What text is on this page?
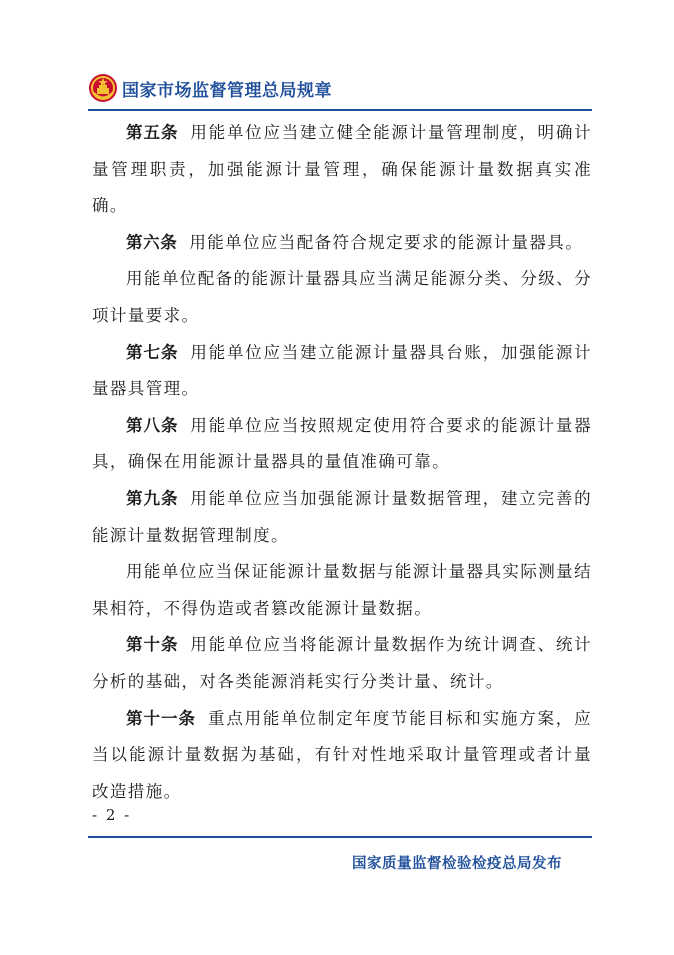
国家市场监督管理总局规章

第五条 用能单位应当建立健全能源计量管理制度，明确计量管理职责，加强能源计量管理，确保能源计量数据真实准确。

第六条 用能单位应当配备符合规定要求的能源计量器具。

用能单位配备的能源计量器具应当满足能源分类、分级、分项计量要求。

第七条 用能单位应当建立能源计量器具台账，加强能源计量器具管理。

第八条 用能单位应当按照规定使用符合要求的能源计量器具，确保在用能源计量器具的量值准确可靠。

第九条 用能单位应当加强能源计量数据管理，建立完善的能源计量数据管理制度。

用能单位应当保证能源计量数据与能源计量器具实际测量结果相符，不得伪造或者篡改能源计量数据。

第十条 用能单位应当将能源计量数据作为统计调查、统计分析的基础，对各类能源消耗实行分类计量、统计。

第十一条 重点用能单位制定年度节能目标和实施方案，应当以能源计量数据为基础，有针对性地采取计量管理或者计量改造措施。

- 2 -
国家质量监督检验检疫总局发布
